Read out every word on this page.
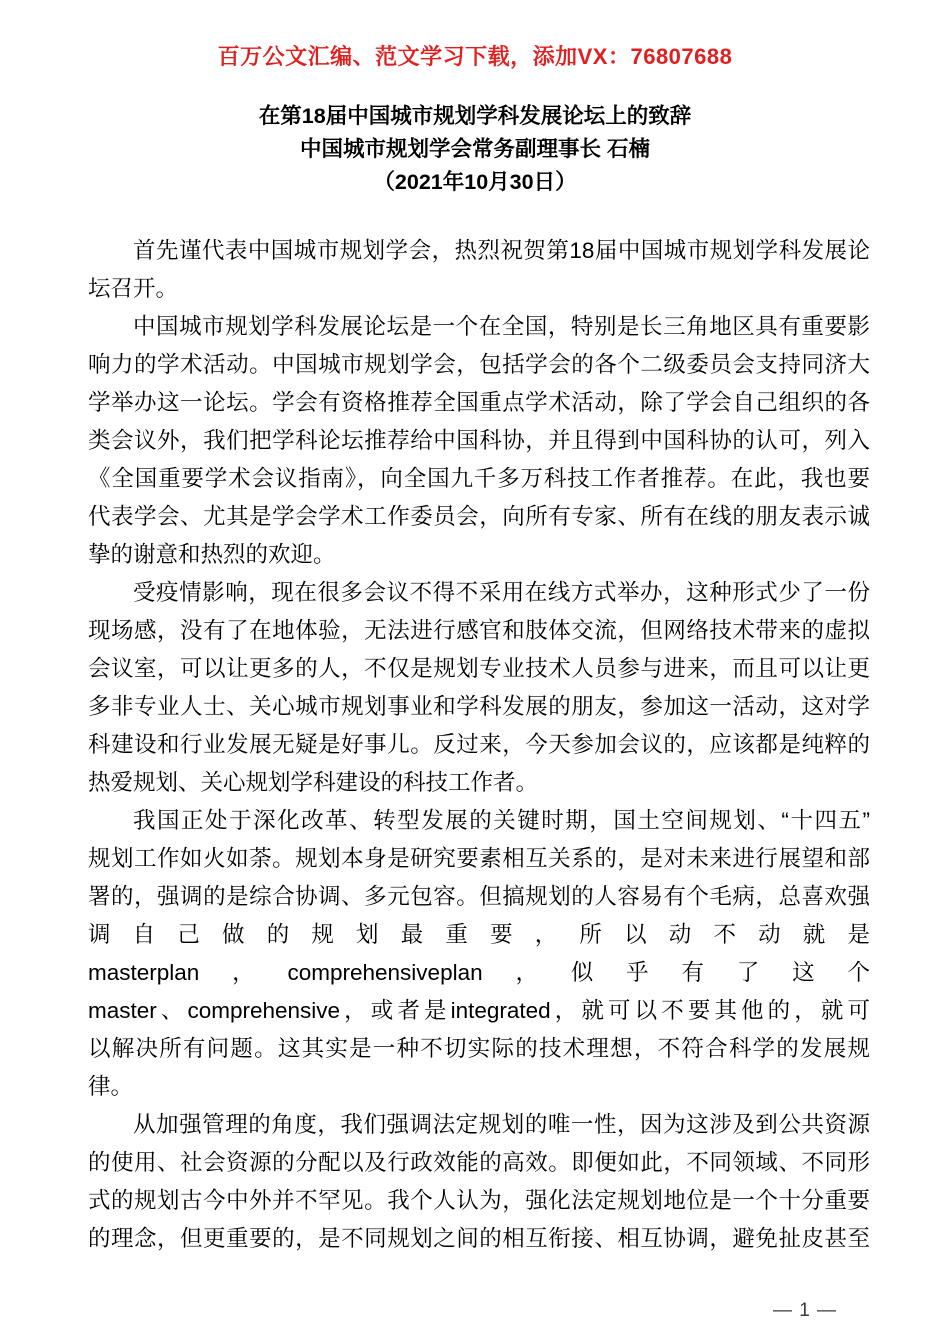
百万公文汇编、范文学习下载，添加VX：76807688
在第18届中国城市规划学科发展论坛上的致辞
中国城市规划学会常务副理事长 石楠
（2021年10月30日）
首先谨代表中国城市规划学会，热烈祝贺第18届中国城市规划学科发展论
坛召开。
中国城市规划学科发展论坛是一个在全国，特别是长三角地区具有重要影
响力的学术活动。中国城市规划学会，包括学会的各个二级委员会支持同济大
学举办这一论坛。学会有资格推荐全国重点学术活动，除了学会自己组织的各
类会议外，我们把学科论坛推荐给中国科协，并且得到中国科协的认可，列入
《全国重要学术会议指南》，向全国九千多万科技工作者推荐。在此，我也要
代表学会、尤其是学会学术工作委员会，向所有专家、所有在线的朋友表示诚
挚的谢意和热烈的欢迎。
受疫情影响，现在很多会议不得不采用在线方式举办，这种形式少了一份
现场感，没有了在地体验，无法进行感官和肢体交流，但网络技术带来的虚拟
会议室，可以让更多的人，不仅是规划专业技术人员参与进来，而且可以让更
多非专业人士、关心城市规划事业和学科发展的朋友，参加这一活动，这对学
科建设和行业发展无疑是好事儿。反过来，今天参加会议的，应该都是纯粹的
热爱规划、关心规划学科建设的科技工作者。
我国正处于深化改革、转型发展的关键时期，国土空间规划、“十四五”
规划工作如火如荼。规划本身是研究要素相互关系的，是对未来进行展望和部
署的，强调的是综合协调、多元包容。但搞规划的人容易有个毛病，总喜欢强
调自己做的规划最重要，所以动不动就是
masterplan，comprehensiveplan，似乎有了这个
master、comprehensive，或者是integrated，就可以不要其他的，就可
以解决所有问题。这其实是一种不切实际的技术理想，不符合科学的发展规
律。
从加强管理的角度，我们强调法定规划的唯一性，因为这涉及到公共资源
的使用、社会资源的分配以及行政效能的高效。即便如此，不同领域、不同形
式的规划古今中外并不罕见。我个人认为，强化法定规划地位是一个十分重要
的理念，但更重要的，是不同规划之间的相互衔接、相互协调，避免扯皮甚至
— 1 —
